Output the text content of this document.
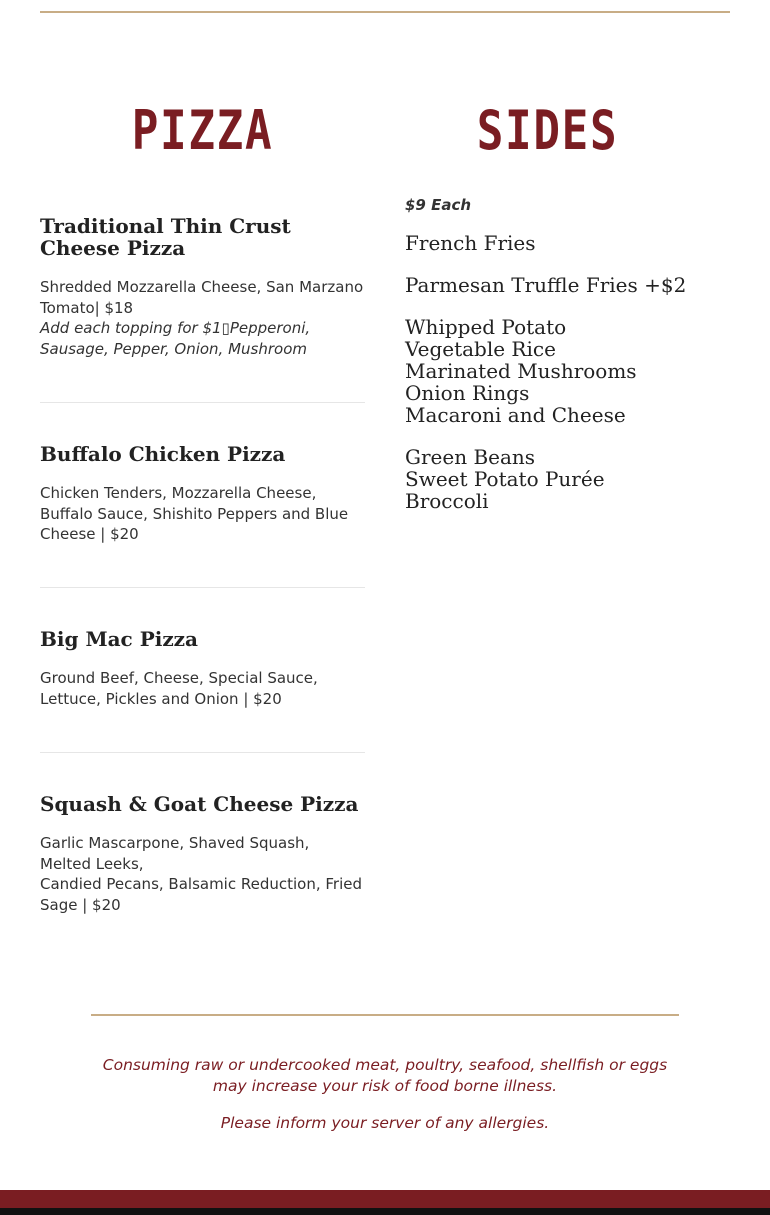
PIZZA
Traditional Thin Crust Cheese Pizza

Shredded Mozzarella Cheese, San Marzano Tomato| $18

Add each topping for $1▯Pepperoni, Sausage, Pepper, Onion, Mushroom

Buffalo Chicken Pizza

Chicken Tenders, Mozzarella Cheese, Buffalo Sauce, Shishito Peppers and Blue Cheese | $20

Big Mac Pizza

Ground Beef, Cheese, Special Sauce, Lettuce, Pickles and Onion | $20

Squash & Goat Cheese Pizza

Garlic Mascarpone, Shaved Squash, Melted Leeks,

Candied Pecans, Balsamic Reduction, Fried Sage | $20

SIDES
$9 Each
French Fries
Parmesan Truffle Fries +$2
Whipped Potato
Vegetable Rice
Marinated Mushrooms
Onion Rings
Macaroni and Cheese
Green Beans
Sweet Potato Purée
Broccoli

Consuming raw or undercooked meat, poultry, seafood, shellfish or eggs may increase your risk of food borne illness.

Please inform your server of any allergies.
